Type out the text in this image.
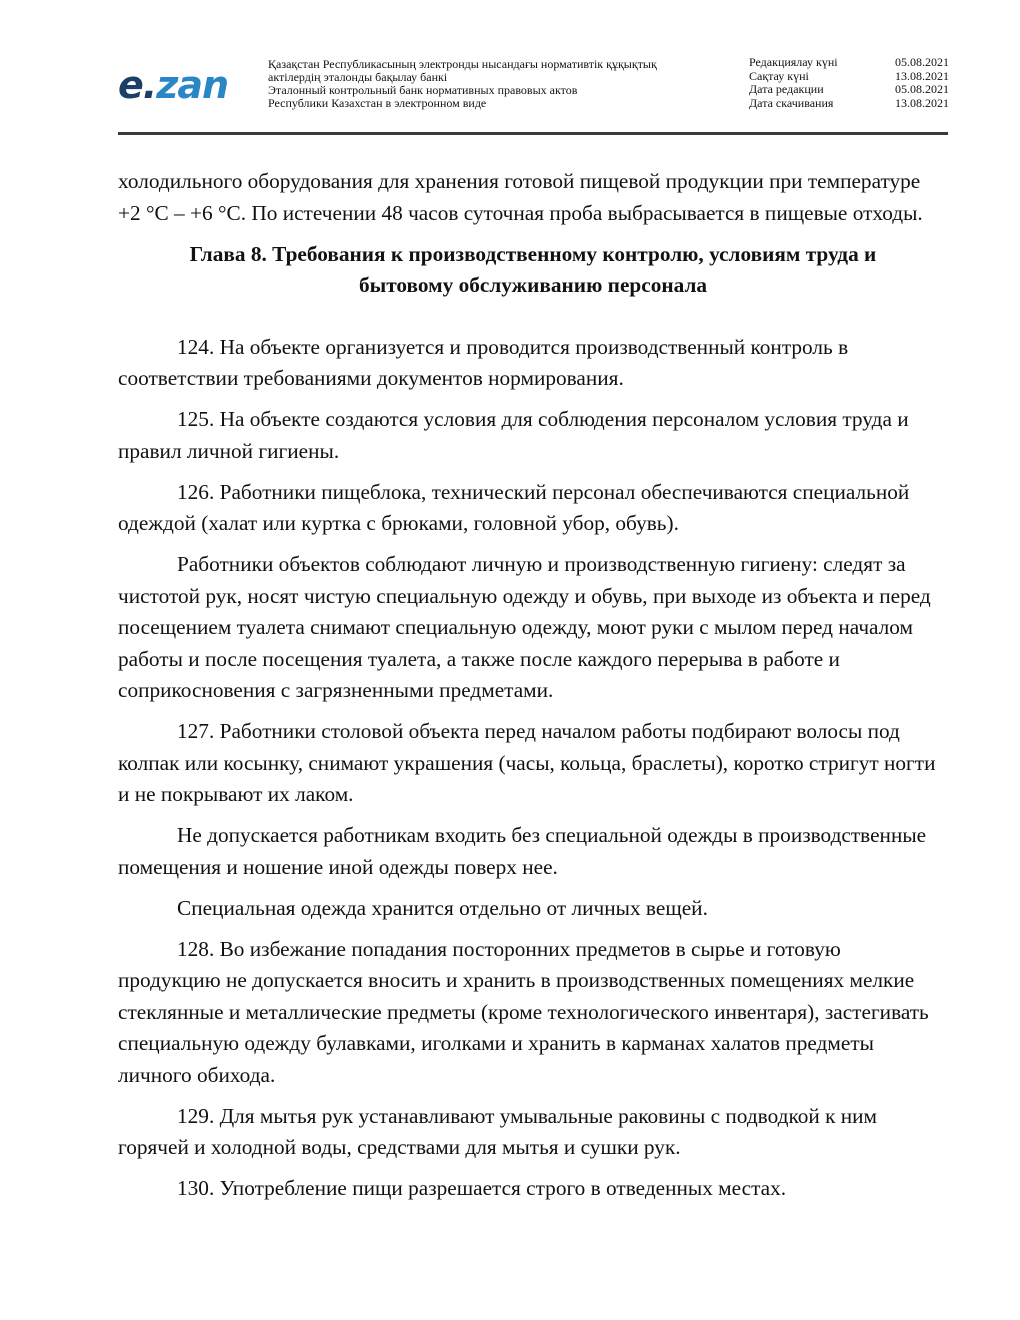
e.zan	Қазақстан Республикасының электронды нысандағы нормативтік құқықтық
актілердің эталонды бақылау банкі
Эталонный контрольный банк нормативных правовых актов
Республики Казахстан в электронном виде
Редакциялау күні	05.08.2021
Сақтау күні	13.08.2021
Дата редакции	05.08.2021
Дата скачивания	13.08.2021

холодильного оборудования для хранения готовой пищевой продукции при температуре +2 °С – +6 °С. По истечении 48 часов суточная проба выбрасывается в пищевые отходы.

Глава 8. Требования к производственному контролю, условиям труда и
бытовому обслуживанию персонала

124. На объекте организуется и проводится производственный контроль в соответствии требованиями документов нормирования.

125. На объекте создаются условия для соблюдения персоналом условия труда и правил личной гигиены.

126. Работники пищеблока, технический персонал обеспечиваются специальной одеждой (халат или куртка с брюками, головной убор, обувь).

Работники объектов соблюдают личную и производственную гигиену: следят за чистотой рук, носят чистую специальную одежду и обувь, при выходе из объекта и перед посещением туалета снимают специальную одежду, моют руки с мылом перед началом работы и после посещения туалета, а также после каждого перерыва в работе и соприкосновения с загрязненными предметами.

127. Работники столовой объекта перед началом работы подбирают волосы под колпак или косынку, снимают украшения (часы, кольца, браслеты), коротко стригут ногти и не покрывают их лаком.

Не допускается работникам входить без специальной одежды в производственные помещения и ношение иной одежды поверх нее.

Специальная одежда хранится отдельно от личных вещей.

128. Во избежание попадания посторонних предметов в сырье и готовую продукцию не допускается вносить и хранить в производственных помещениях мелкие стеклянные и металлические предметы (кроме технологического инвентаря), застегивать специальную одежду булавками, иголками и хранить в карманах халатов предметы личного обихода.

129. Для мытья рук устанавливают умывальные раковины с подводкой к ним горячей и холодной воды, средствами для мытья и сушки рук.

130. Употребление пищи разрешается строго в отведенных местах.
